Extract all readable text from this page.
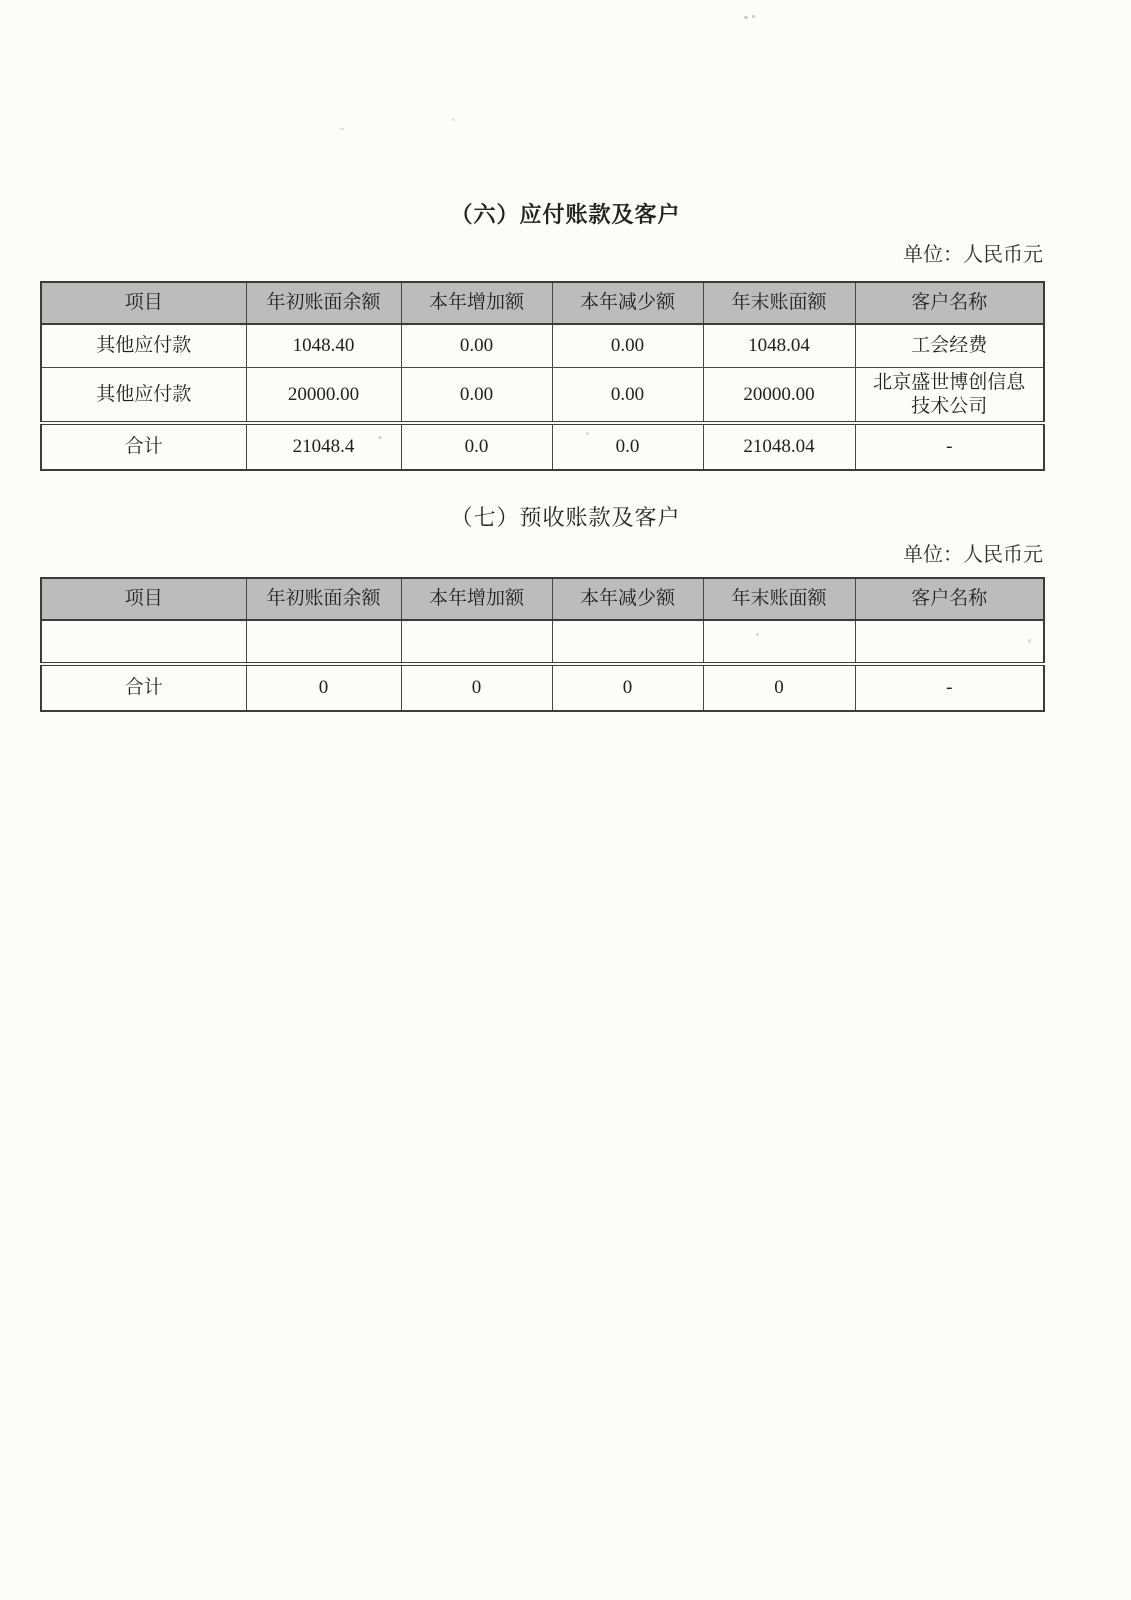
（六）应付账款及客户
单位：人民币元
项目	年初账面余额	本年增加额	本年减少额	年末账面额	客户名称
其他应付款	1048.40	0.00	0.00	1048.04	工会经费
其他应付款	20000.00	0.00	0.00	20000.00	北京盛世博创信息技术公司
合计	21048.4	0.0	0.0	21048.04	-
（七）预收账款及客户
单位：人民币元
项目	年初账面余额	本年增加额	本年减少额	年末账面额	客户名称

合计	0	0	0	0	-
